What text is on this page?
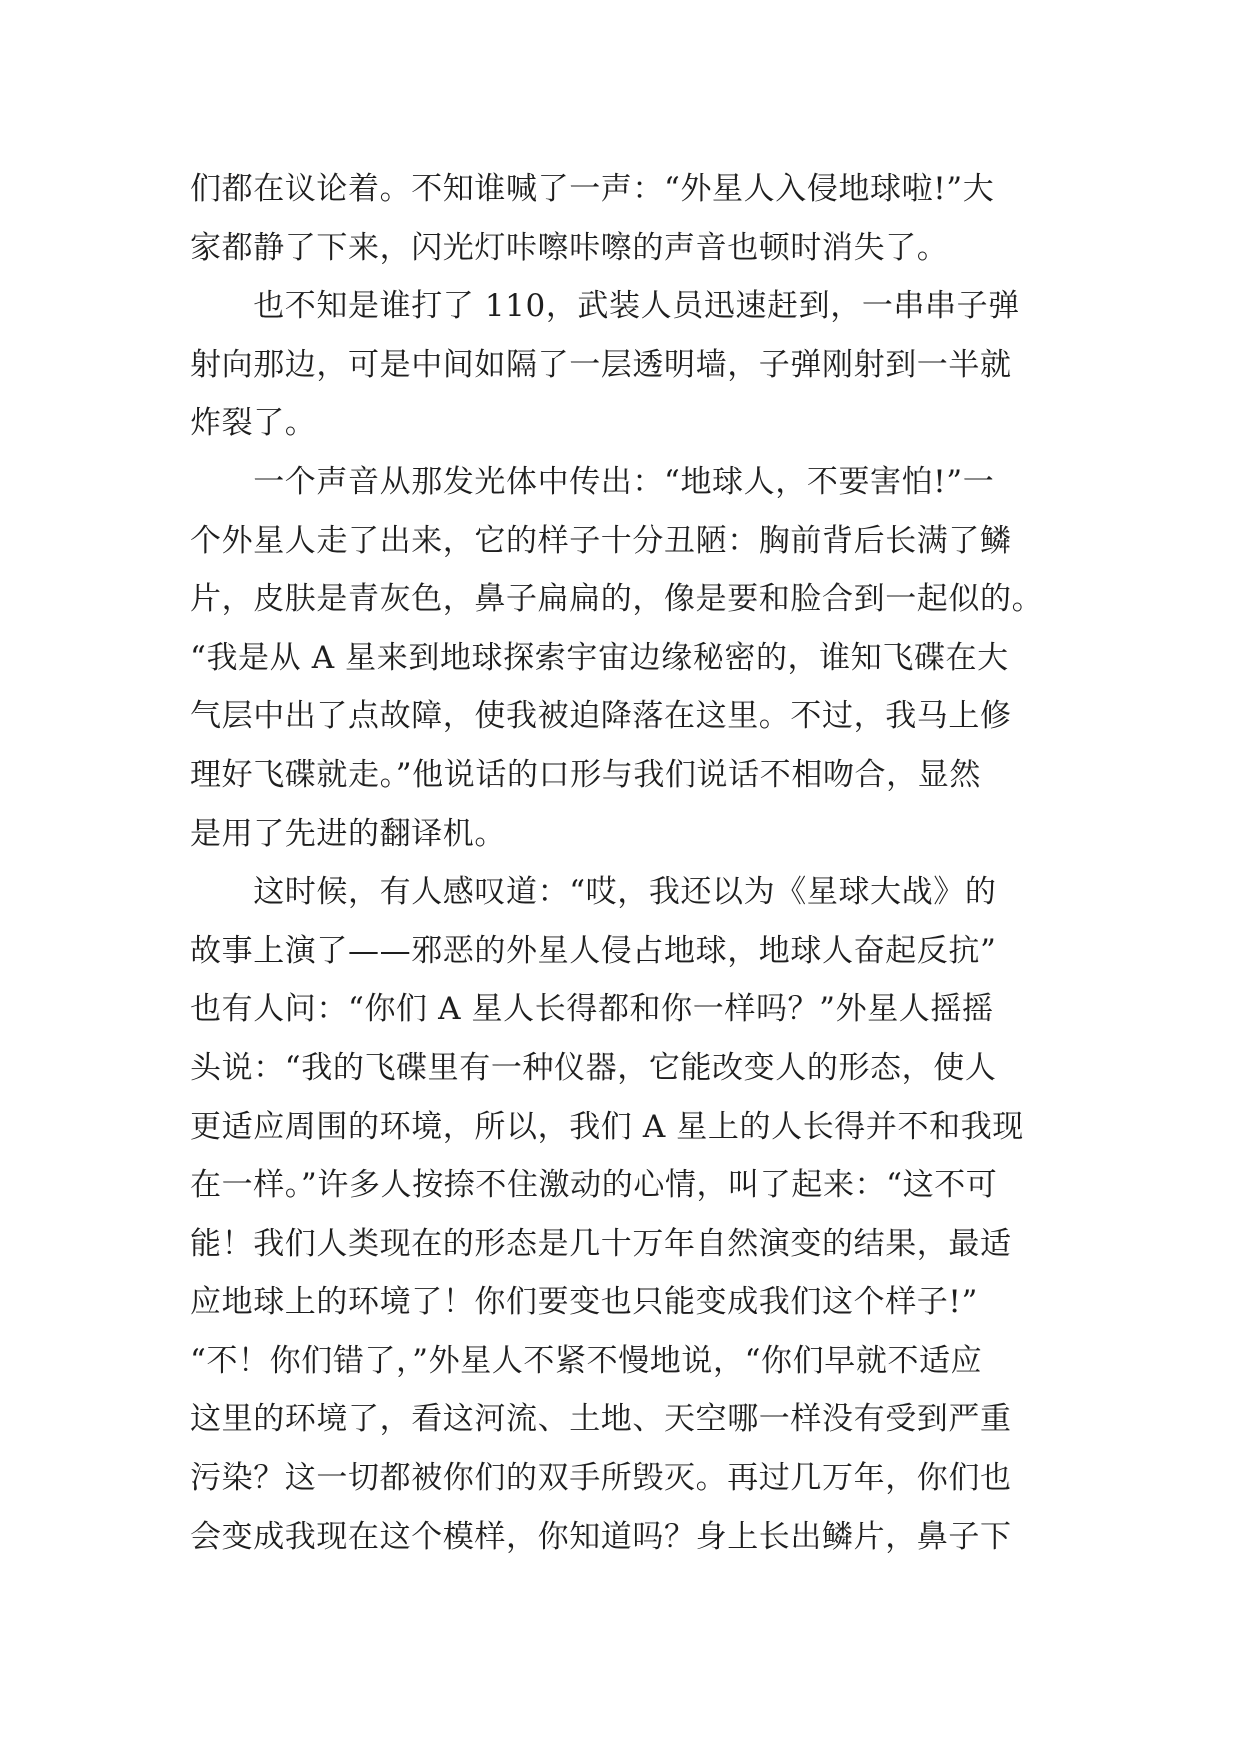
们都在议论着。不知谁喊了一声：“外星人入侵地球啦!”大
家都静了下来，闪光灯咔嚓咔嚓的声音也顿时消失了。
　　也不知是谁打了 110，武装人员迅速赶到，一串串子弹
射向那边，可是中间如隔了一层透明墙，子弹刚射到一半就
炸裂了。
　　一个声音从那发光体中传出：“地球人，不要害怕!”一
个外星人走了出来，它的样子十分丑陋：胸前背后长满了鳞
片，皮肤是青灰色，鼻子扁扁的，像是要和脸合到一起似的。
“我是从 A 星来到地球探索宇宙边缘秘密的，谁知飞碟在大
气层中出了点故障，使我被迫降落在这里。不过，我马上修
理好飞碟就走。”他说话的口形与我们说话不相吻合，显然
是用了先进的翻译机。
　　这时候，有人感叹道：“哎，我还以为《星球大战》的
故事上演了——邪恶的外星人侵占地球，地球人奋起反抗”
也有人问：“你们 A 星人长得都和你一样吗？”外星人摇摇
头说：“我的飞碟里有一种仪器，它能改变人的形态，使人
更适应周围的环境，所以，我们 A 星上的人长得并不和我现
在一样。”许多人按捺不住激动的心情，叫了起来：“这不可
能！我们人类现在的形态是几十万年自然演变的结果，最适
应地球上的环境了！你们要变也只能变成我们这个样子!”
“不！你们错了，”外星人不紧不慢地说，“你们早就不适应
这里的环境了，看这河流、土地、天空哪一样没有受到严重
污染？这一切都被你们的双手所毁灭。再过几万年，你们也
会变成我现在这个模样，你知道吗？身上长出鳞片，鼻子下
